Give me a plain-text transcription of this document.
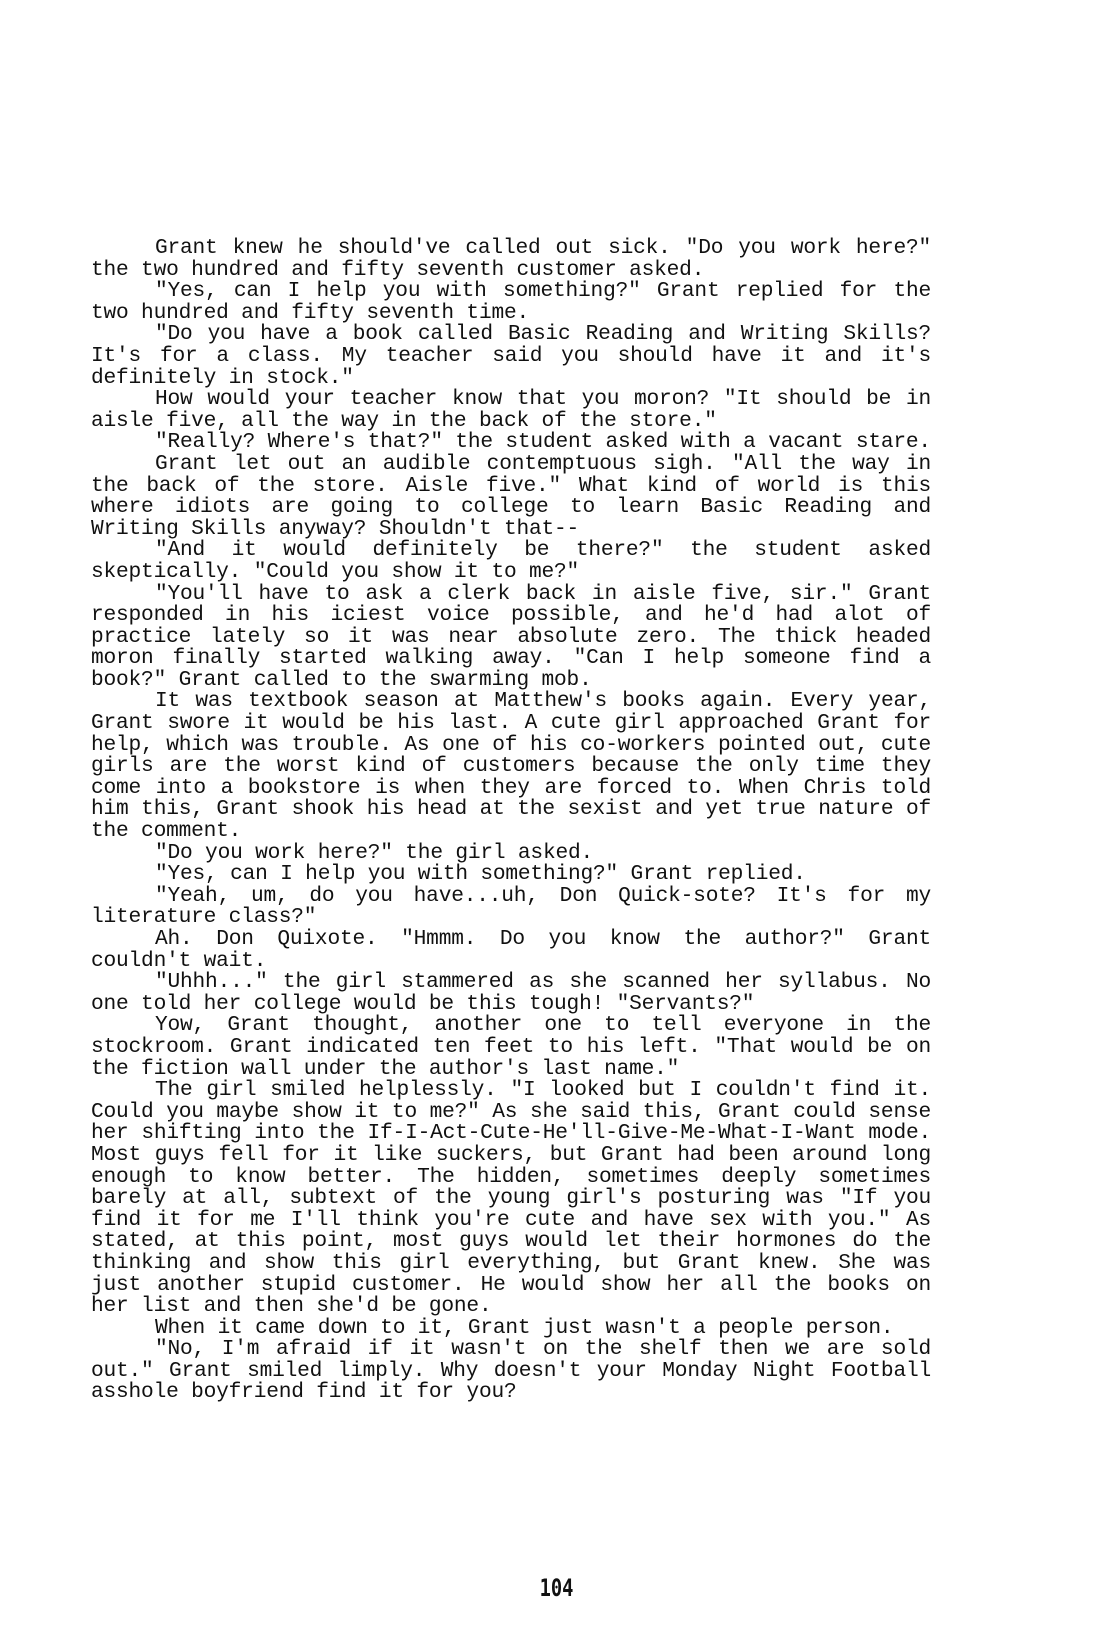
Grant knew he should've called out sick. "Do you work here?" the two hundred and fifty seventh customer asked.

"Yes, can I help you with something?" Grant replied for the two hundred and fifty seventh time.

"Do you have a book called Basic Reading and Writing Skills? It's for a class. My teacher said you should have it and it's definitely in stock."

How would your teacher know that you moron? "It should be in aisle five, all the way in the back of the store."

"Really? Where's that?" the student asked with a vacant stare.

Grant let out an audible contemptuous sigh. "All the way in the back of the store. Aisle five." What kind of world is this where idiots are going to college to learn Basic Reading and Writing Skills anyway? Shouldn't that--

"And it would definitely be there?" the student asked skeptically. "Could you show it to me?"

"You'll have to ask a clerk back in aisle five, sir." Grant responded in his iciest voice possible, and he'd had alot of practice lately so it was near absolute zero. The thick headed moron finally started walking away. "Can I help someone find a book?" Grant called to the swarming mob.

It was textbook season at Matthew's books again. Every year, Grant swore it would be his last. A cute girl approached Grant for help, which was trouble. As one of his co-workers pointed out, cute girls are the worst kind of customers because the only time they come into a bookstore is when they are forced to. When Chris told him this, Grant shook his head at the sexist and yet true nature of the comment.

"Do you work here?" the girl asked.

"Yes, can I help you with something?" Grant replied.

"Yeah, um, do you have...uh, Don Quick-sote? It's for my literature class?"

Ah. Don Quixote. "Hmmm. Do you know the author?" Grant couldn't wait.

"Uhhh..." the girl stammered as she scanned her syllabus. No one told her college would be this tough! "Servants?"

Yow, Grant thought, another one to tell everyone in the stockroom. Grant indicated ten feet to his left. "That would be on the fiction wall under the author's last name."

The girl smiled helplessly. "I looked but I couldn't find it. Could you maybe show it to me?" As she said this, Grant could sense her shifting into the If-I-Act-Cute-He'll-Give-Me-What-I-Want mode. Most guys fell for it like suckers, but Grant had been around long enough to know better. The hidden, sometimes deeply sometimes barely at all, subtext of the young girl's posturing was "If you find it for me I'll think you're cute and have sex with you." As stated, at this point, most guys would let their hormones do the thinking and show this girl everything, but Grant knew. She was just another stupid customer. He would show her all the books on her list and then she'd be gone.

When it came down to it, Grant just wasn't a people person.

"No, I'm afraid if it wasn't on the shelf then we are sold out." Grant smiled limply. Why doesn't your Monday Night Football asshole boyfriend find it for you?

104
